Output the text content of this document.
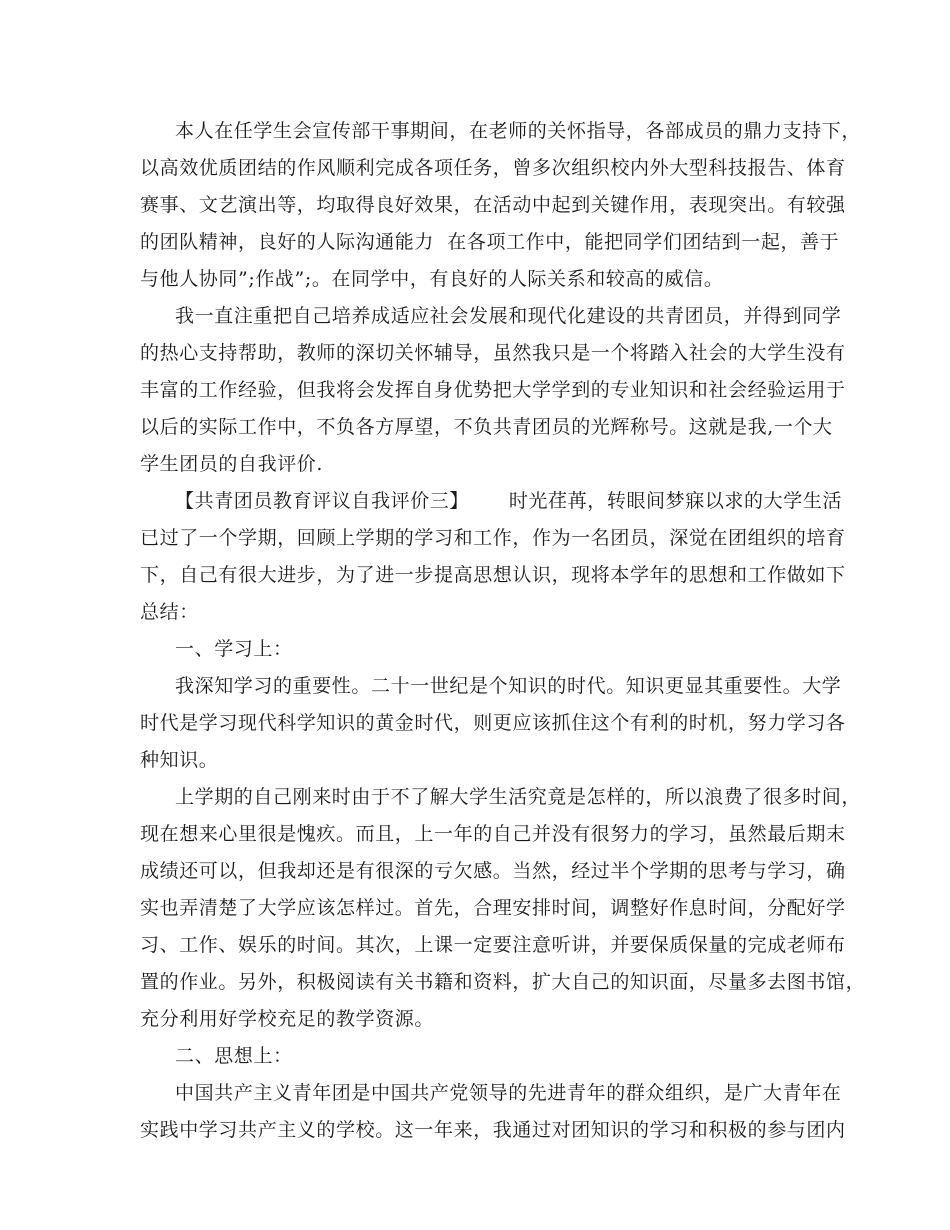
本人在任学生会宣传部干事期间，在老师的关怀指导，各部成员的鼎力支持下，
以高效优质团结的作风顺利完成各项任务，曾多次组织校内外大型科技报告、体育
赛事、文艺演出等，均取得良好效果，在活动中起到关键作用，表现突出。有较强
的团队精神，良好的人际沟通能力  在各项工作中，能把同学们团结到一起，善于
与他人协同”;作战”;。在同学中，有良好的人际关系和较高的威信。
我一直注重把自己培养成适应社会发展和现代化建设的共青团员，并得到同学
的热心支持帮助，教师的深切关怀辅导，虽然我只是一个将踏入社会的大学生没有
丰富的工作经验，但我将会发挥自身优势把大学学到的专业知识和社会经验运用于
以后的实际工作中，不负各方厚望，不负共青团员的光辉称号。这就是我,一个大
学生团员的自我评价.
【共青团员教育评议自我评价三】      时光荏苒，转眼间梦寐以求的大学生活
已过了一个学期，回顾上学期的学习和工作，作为一名团员，深觉在团组织的培育
下，自己有很大进步，为了进一步提高思想认识，现将本学年的思想和工作做如下
总结：
一、学习上：
我深知学习的重要性。二十一世纪是个知识的时代。知识更显其重要性。大学
时代是学习现代科学知识的黄金时代，则更应该抓住这个有利的时机，努力学习各
种知识。
上学期的自己刚来时由于不了解大学生活究竟是怎样的，所以浪费了很多时间，
现在想来心里很是愧疚。而且，上一年的自己并没有很努力的学习，虽然最后期末
成绩还可以，但我却还是有很深的亏欠感。当然，经过半个学期的思考与学习，确
实也弄清楚了大学应该怎样过。首先，合理安排时间，调整好作息时间，分配好学
习、工作、娱乐的时间。其次，上课一定要注意听讲，并要保质保量的完成老师布
置的作业。另外，积极阅读有关书籍和资料，扩大自己的知识面，尽量多去图书馆，
充分利用好学校充足的教学资源。
二、思想上：
中国共产主义青年团是中国共产党领导的先进青年的群众组织，是广大青年在
实践中学习共产主义的学校。这一年来，我通过对团知识的学习和积极的参与团内
